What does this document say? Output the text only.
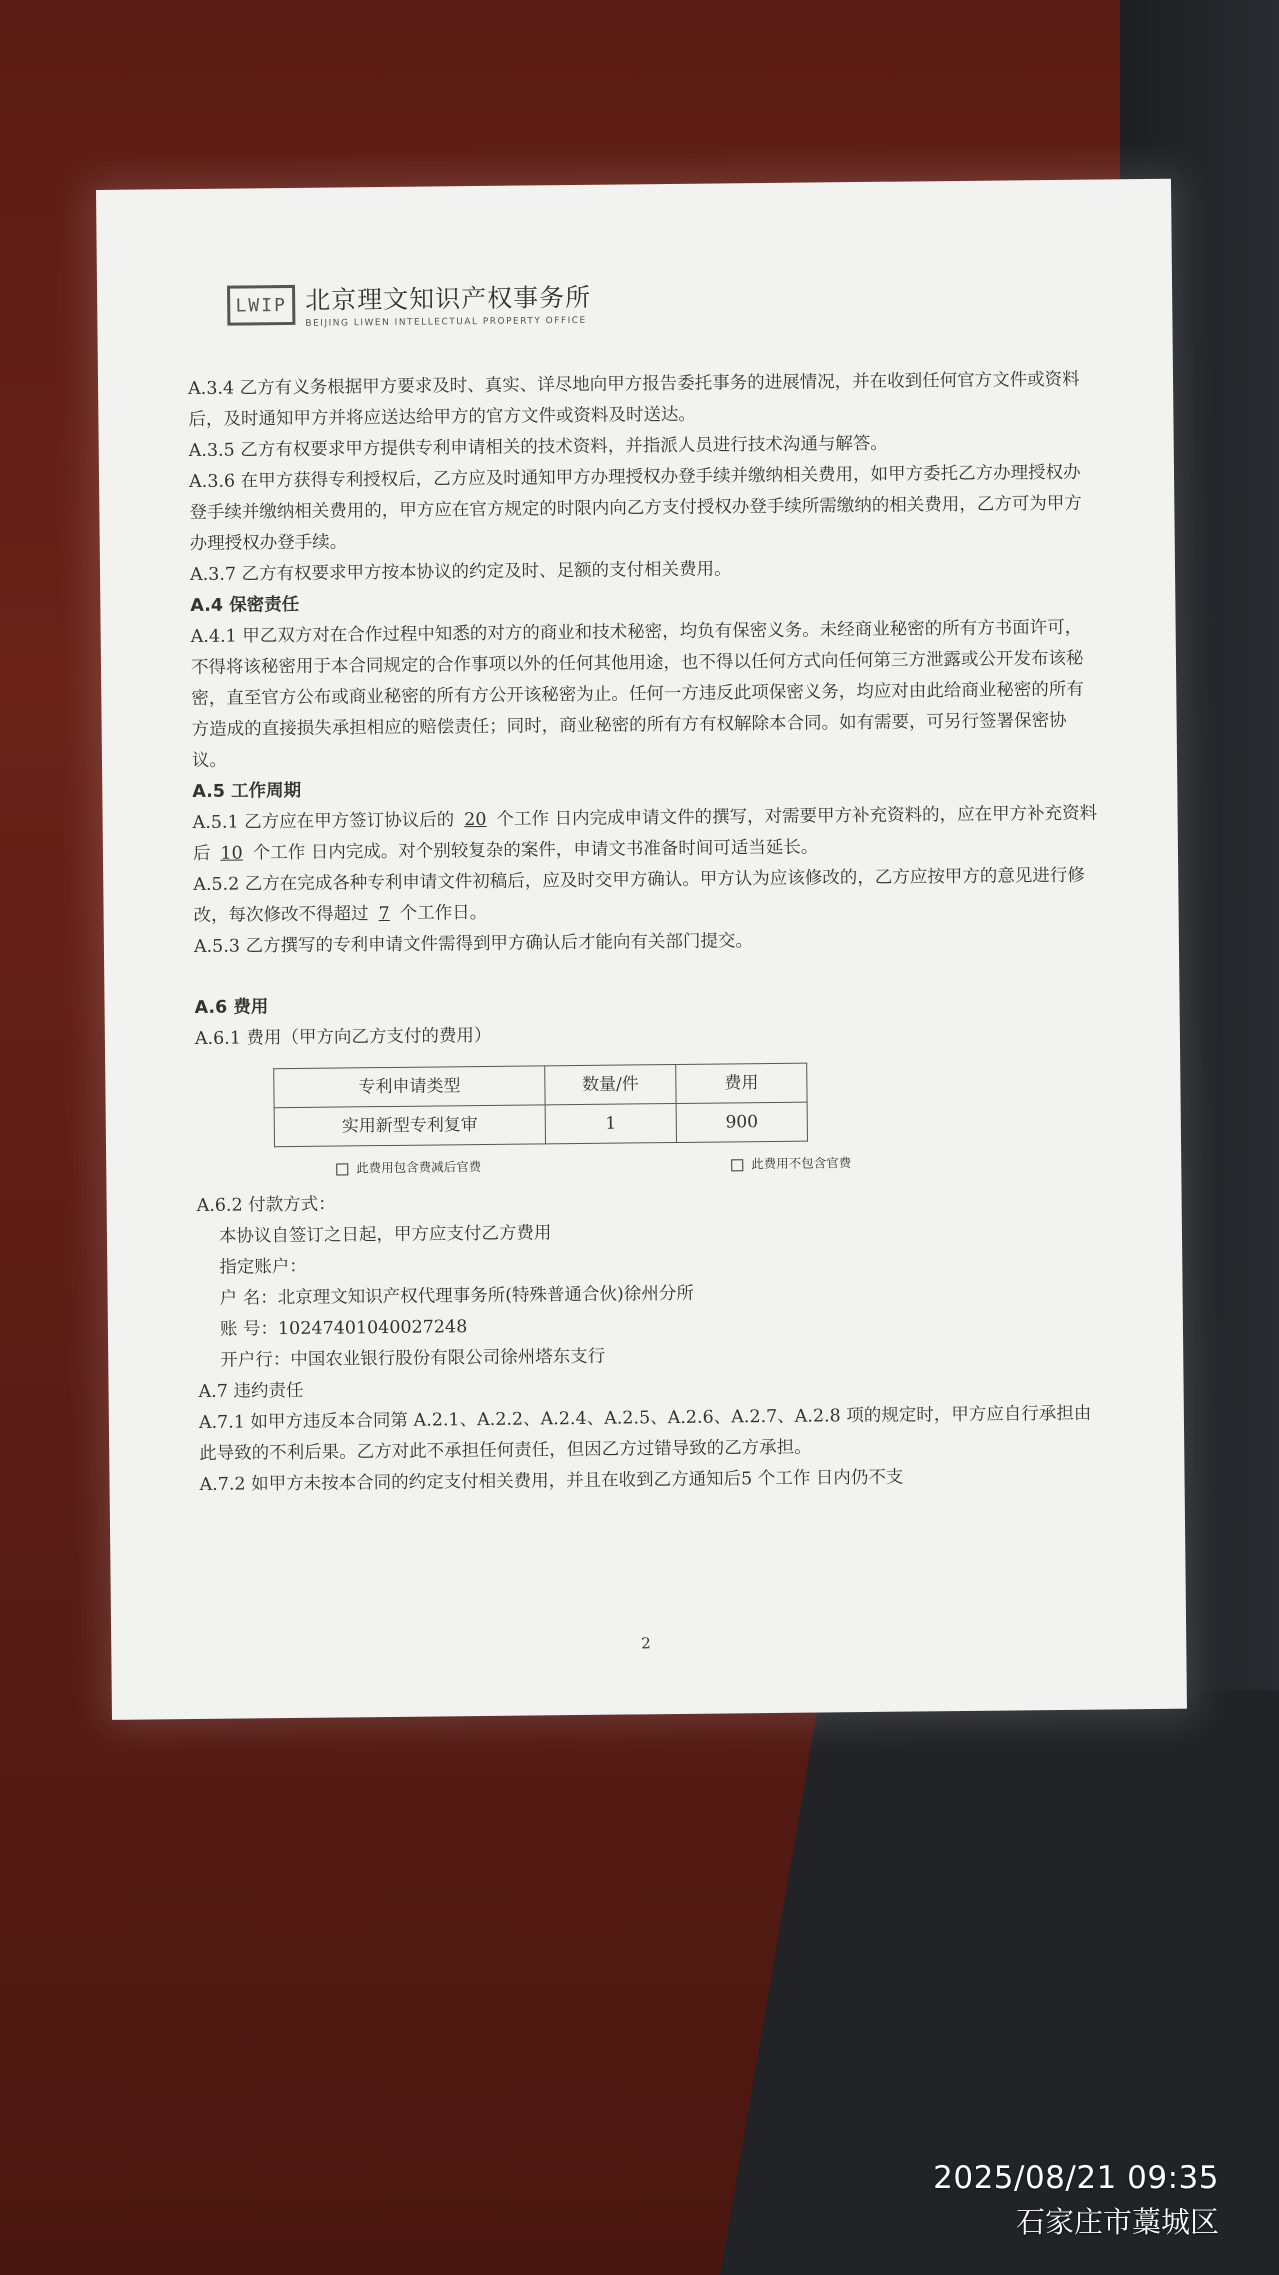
LWIP 北京理文知识产权事务所
BEIJING LIWEN INTELLECTUAL PROPERTY OFFICE

A.3.4 乙方有义务根据甲方要求及时、真实、详尽地向甲方报告委托事务的进展情况，并在收到任何官方文件或资料后，及时通知甲方并将应送达给甲方的官方文件或资料及时送达。

A.3.5 乙方有权要求甲方提供专利申请相关的技术资料，并指派人员进行技术沟通与解答。

A.3.6 在甲方获得专利授权后，乙方应及时通知甲方办理授权办登手续并缴纳相关费用，如甲方委托乙方办理授权办登手续并缴纳相关费用的，甲方应在官方规定的时限内向乙方支付授权办登手续所需缴纳的相关费用，乙方可为甲方办理授权办登手续。

A.3.7 乙方有权要求甲方按本协议的约定及时、足额的支付相关费用。

A.4 保密责任

A.4.1 甲乙双方对在合作过程中知悉的对方的商业和技术秘密，均负有保密义务。未经商业秘密的所有方书面许可，不得将该秘密用于本合同规定的合作事项以外的任何其他用途，也不得以任何方式向任何第三方泄露或公开发布该秘密，直至官方公布或商业秘密的所有方公开该秘密为止。任何一方违反此项保密义务，均应对由此给商业秘密的所有方造成的直接损失承担相应的赔偿责任；同时，商业秘密的所有方有权解除本合同。如有需要，可另行签署保密协议。

A.5 工作周期

A.5.1 乙方应在甲方签订协议后的 20 个工作 日内完成申请文件的撰写，对需要甲方补充资料的，应在甲方补充资料后 10 个工作 日内完成。对个别较复杂的案件，申请文书准备时间可适当延长。

A.5.2 乙方在完成各种专利申请文件初稿后，应及时交甲方确认。甲方认为应该修改的，乙方应按甲方的意见进行修改，每次修改不得超过 7 个工作日。

A.5.3 乙方撰写的专利申请文件需得到甲方确认后才能向有关部门提交。

A.6 费用

A.6.1 费用（甲方向乙方支付的费用）

专利申请类型	数量/件	费用
实用新型专利复审	1	900
此费用包含费减后官费	此费用不包含官费

A.6.2 付款方式：

本协议自签订之日起，甲方应支付乙方费用

指定账户：

户 名：北京理文知识产权代理事务所(特殊普通合伙)徐州分所

账 号：10247401040027248

开户行：中国农业银行股份有限公司徐州塔东支行

A.7 违约责任

A.7.1 如甲方违反本合同第 A.2.1、A.2.2、A.2.4、A.2.5、A.2.6、A.2.7、A.2.8 项的规定时，甲方应自行承担由此导致的不利后果。乙方对此不承担任何责任，但因乙方过错导致的乙方承担。

A.7.2 如甲方未按本合同的约定支付相关费用，并且在收到乙方通知后5 个工作 日内仍不支

2
2025/08/21 09:35
石家庄市藁城区
